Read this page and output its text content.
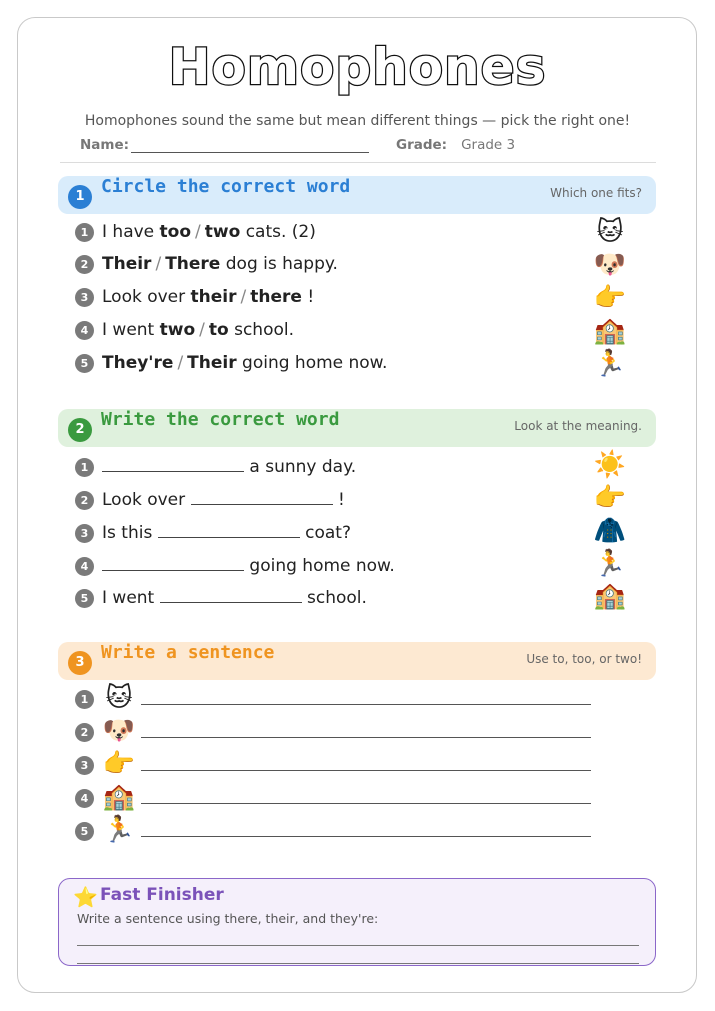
Homophones
Homophones sound the same but mean different things — pick the right one!
Name:	Grade: Grade 3
1 Circle the correct word	Which one fits?
1 I have too / two cats. (2)	🐱
2 Their / There dog is happy.	🐶
3 Look over their / there !	👉
4 I went two / to school.	🏫
5 They're / Their going home now.	🏃
2 Write the correct word	Look at the meaning.
1	a sunny day.	☀️
2 Look over	!	👉
3 Is this	coat?	🧥
4	going home now.	🏃
5 I went	school.	🏫
3 Write a sentence	Use to, too, or two!
1 🐱
2 🐶
3 👉
4 🏫
5 🏃
⭐ Fast Finisher
Write a sentence using there, their, and they're:
